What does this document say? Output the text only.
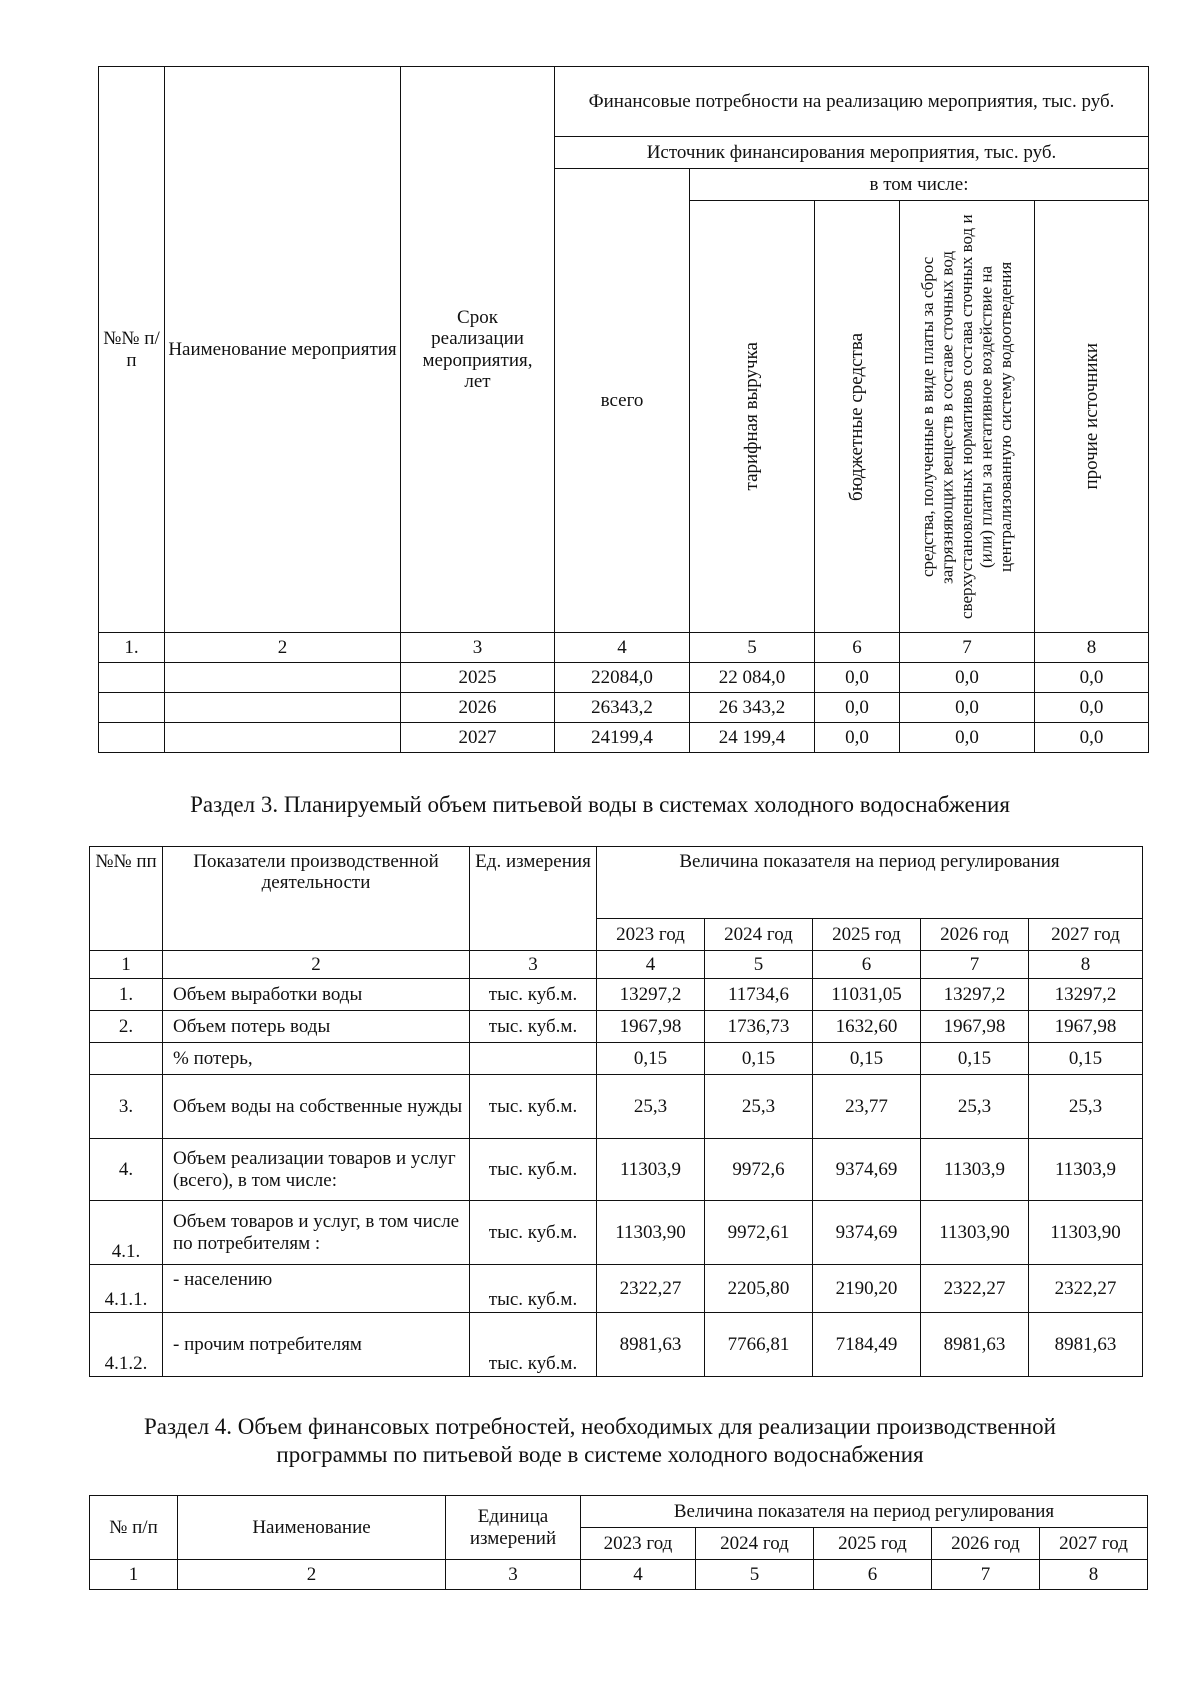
№№ п/п	Наименование мероприятия	Срок реализации мероприятия, лет	Финансовые потребности на реализацию мероприятия, тыс. руб.				
			Источник финансирования мероприятия, тыс. руб.				
			всего	в том числе:			

				тарифная выручка	бюджетные средства	средства, полученные в виде платы за сброс загрязняющих веществ в составе сточных вод сверхустановленных нормативов состава сточных вод и (или) платы за негативное воздействие на централизованную систему водоотведения	прочие источники

1.	2	3	4	5	6	7	8
		2025	22084,0	22 084,0	0,0	0,0	0,0
		2026	26343,2	26 343,2	0,0	0,0	0,0
		2027	24199,4	24 199,4	0,0	0,0	0,0
Раздел 3. Планируемый объем питьевой воды в системах холодного водоснабжения
№№ пп	Показатели производственной деятельности	Ед. измерения	Величина показателя на период регулирования				
			2023 год	2024 год	2025 год	2026 год	2027 год
1	2	3	4	5	6	7	8
1.	Объем выработки воды	тыс. куб.м.	13297,2	11734,6	11031,05	13297,2	13297,2
2.	Объем потерь воды	тыс. куб.м.	1967,98	1736,73	1632,60	1967,98	1967,98
	% потерь,		0,15	0,15	0,15	0,15	0,15
3.	Объем воды на собственные нужды	тыс. куб.м.	25,3	25,3	23,77	25,3	25,3
4.	Объем реализации товаров и услуг (всего), в том числе:	тыс. куб.м.	11303,9	9972,6	9374,69	11303,9	11303,9
4.1.	Объем товаров и услуг, в том числе по потребителям :	тыс. куб.м.	11303,90	9972,61	9374,69	11303,90	11303,90
4.1.1.	- населению	тыс. куб.м.	2322,27	2205,80	2190,20	2322,27	2322,27
4.1.2.	- прочим потребителям	тыс. куб.м.	8981,63	7766,81	7184,49	8981,63	8981,63
Раздел 4. Объем финансовых потребностей, необходимых для реализации производственной программы по питьевой воде в системе холодного водоснабжения
№ п/п	Наименование	Единица измерений	Величина показателя на период регулирования				
			2023 год	2024 год	2025 год	2026 год	2027 год
1	2	3	4	5	6	7	8
